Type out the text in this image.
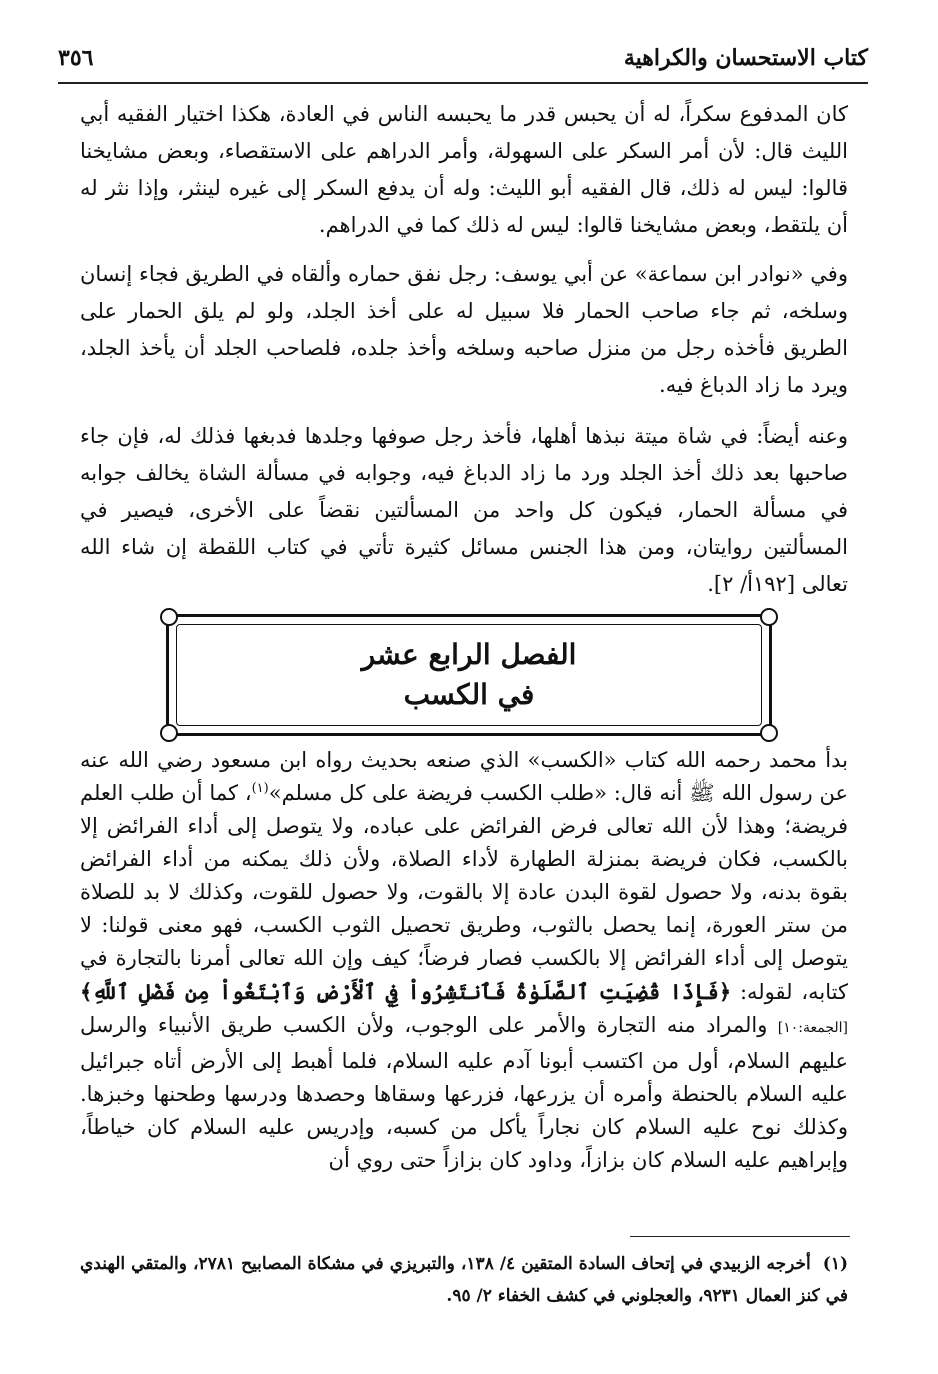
كتاب الاستحسان والكراهية
٣٥٦

كان المدفوع سكراً، له أن يحبس قدر ما يحبسه الناس في العادة، هكذا اختيار الفقيه أبي الليث قال: لأن أمر السكر على السهولة، وأمر الدراهم على الاستقصاء، وبعض مشايخنا قالوا: ليس له ذلك، قال الفقيه أبو الليث: وله أن يدفع السكر إلى غيره لينثر، وإذا نثر له أن يلتقط، وبعض مشايخنا قالوا: ليس له ذلك كما في الدراهم.

وفي «نوادر ابن سماعة» عن أبي يوسف: رجل نفق حماره وألقاه في الطريق فجاء إنسان وسلخه، ثم جاء صاحب الحمار فلا سبيل له على أخذ الجلد، ولو لم يلق الحمار على الطريق فأخذه رجل من منزل صاحبه وسلخه وأخذ جلده، فلصاحب الجلد أن يأخذ الجلد، ويرد ما زاد الدباغ فيه.

وعنه أيضاً: في شاة ميتة نبذها أهلها، فأخذ رجل صوفها وجلدها فدبغها فذلك له، فإن جاء صاحبها بعد ذلك أخذ الجلد ورد ما زاد الدباغ فيه، وجوابه في مسألة الشاة يخالف جوابه في مسألة الحمار، فيكون كل واحد من المسألتين نقضاً على الأخرى، فيصير في المسألتين روايتان، ومن هذا الجنس مسائل كثيرة تأتي في كتاب اللقطة إن شاء الله تعالى [١٩٢أ/ ٢].

الفصل الرابع عشر
في الكسب

بدأ محمد رحمه الله كتاب «الكسب» الذي صنعه بحديث رواه ابن مسعود رضي الله عنه عن رسول الله ﷺ أنه قال: «طلب الكسب فريضة على كل مسلم»$^{(١)}$، كما أن طلب العلم فريضة؛ وهذا لأن الله تعالى فرض الفرائض على عباده، ولا يتوصل إلى أداء الفرائض إلا بالكسب، فكان فريضة بمنزلة الطهارة لأداء الصلاة، ولأن ذلك يمكنه من أداء الفرائض بقوة بدنه، ولا حصول لقوة البدن عادة إلا بالقوت، ولا حصول للقوت، وكذلك لا بد للصلاة من ستر العورة، إنما يحصل بالثوب، وطريق تحصيل الثوب الكسب، فهو معنى قولنا: لا يتوصل إلى أداء الفرائض إلا بالكسب فصار فرضاً؛ كيف وإن الله تعالى أمرنا بالتجارة في كتابه، لقوله: ﴿فَإِذَا قُضِيَتِ ٱلصَّلَوٰةُ فَٱنتَشِرُواْ فِي ٱلْأَرْضِ وَٱبْتَغُواْ مِن فَضْلِ ٱللَّهِ﴾ [الجمعة:١٠] والمراد منه التجارة والأمر على الوجوب، ولأن الكسب طريق الأنبياء والرسل عليهم السلام، أول من اكتسب أبونا آدم عليه السلام، فلما أهبط إلى الأرض أتاه جبرائيل عليه السلام بالحنطة وأمره أن يزرعها، فزرعها وسقاها وحصدها ودرسها وطحنها وخبزها. وكذلك نوح عليه السلام كان نجاراً يأكل من كسبه، وإدريس عليه السلام كان خياطاً، وإبراهيم عليه السلام كان بزازاً، وداود كان بزازاً حتى روي أن

(١)أخرجه الزبيدي في إتحاف السادة المتقين ٤/ ١٣٨، والتبريزي في مشكاة المصابيح ٢٧٨١، والمتقي الهندي في كنز العمال ٩٢٣١، والعجلوني في كشف الخفاء ٢/ ٩٥.
